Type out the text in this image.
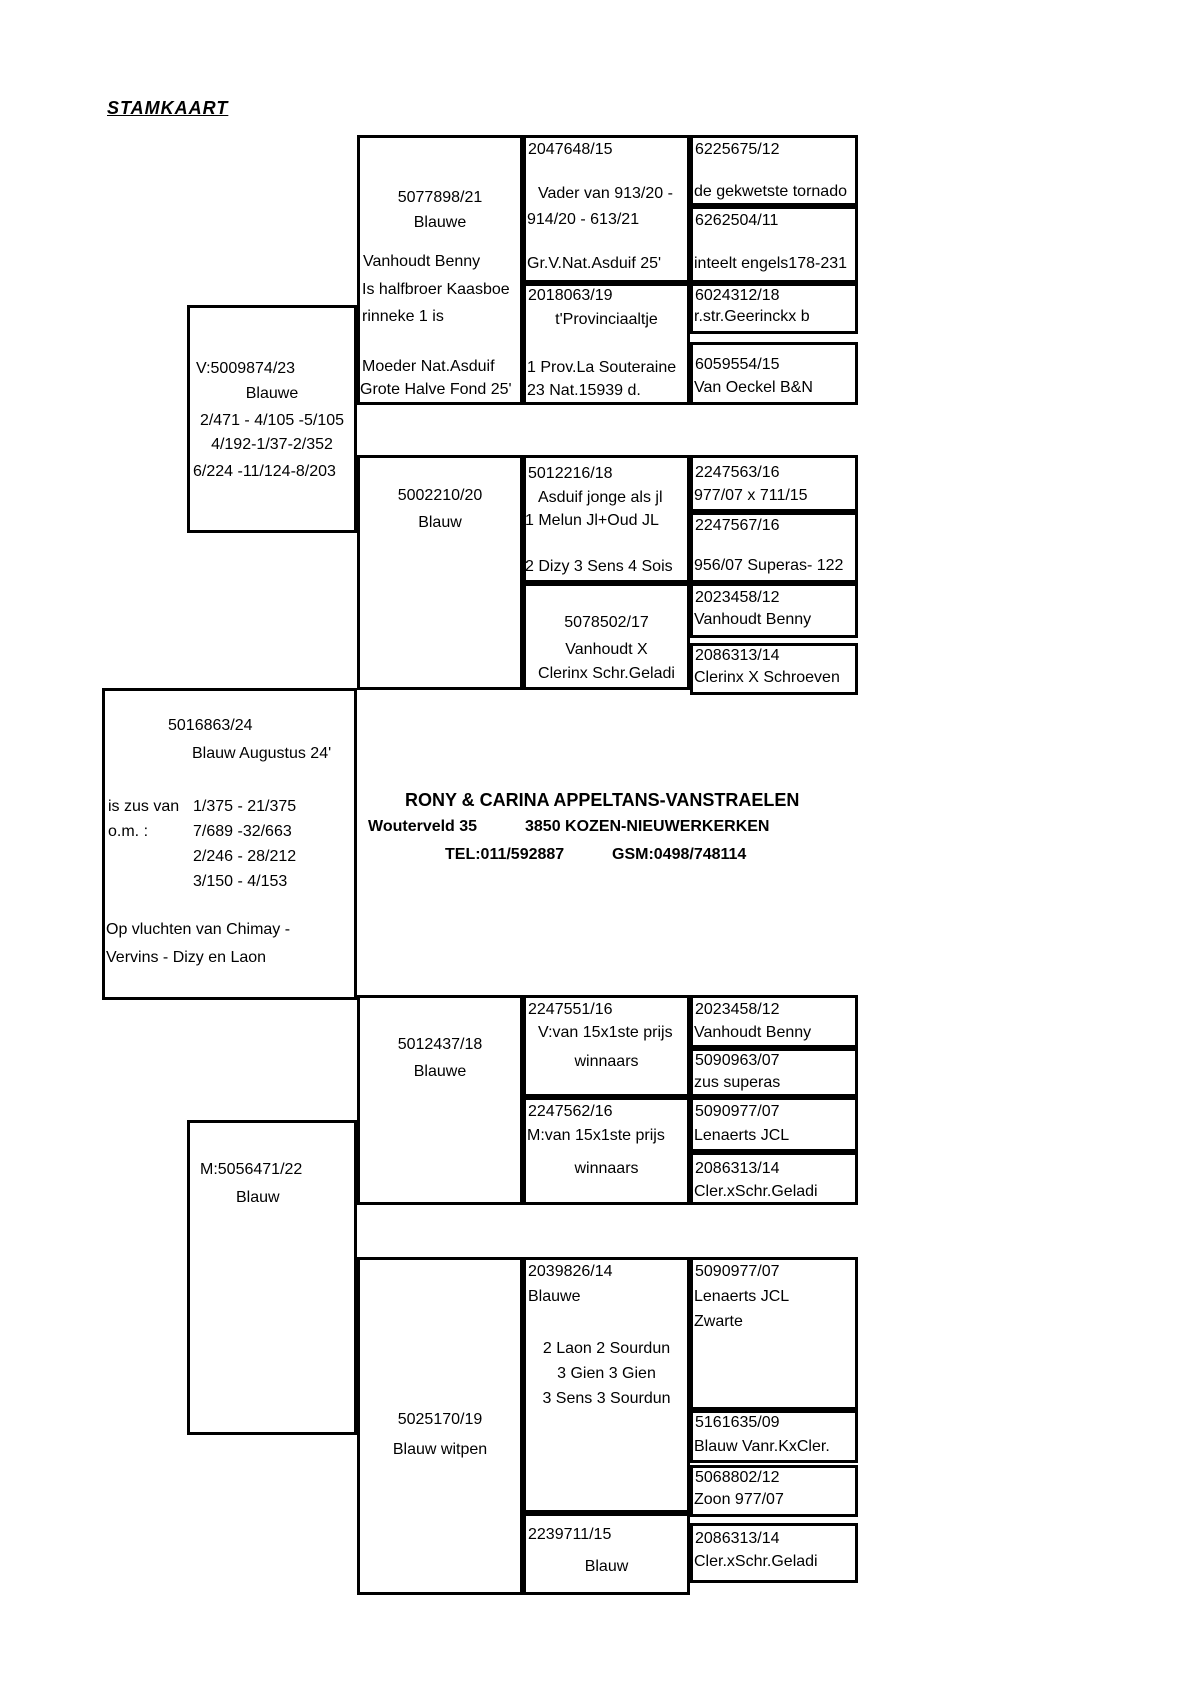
STAMKAART
5077898/21
Blauwe
Vanhoudt Benny
Is halfbroer Kaasboe
rinneke 1 is
Moeder Nat.Asduif
Grote Halve Fond 25'
2047648/15
Vader van 913/20 -
914/20 - 613/21
Gr.V.Nat.Asduif 25'
6225675/12
de gekwetste tornado
6262504/11
inteelt engels178-231
2018063/19
t'Provinciaaltje
1 Prov.La Souteraine
23 Nat.15939 d.
6024312/18
r.str.Geerinckx b
6059554/15
Van Oeckel B&N
V:5009874/23
Blauwe
2/471 - 4/105 -5/105
4/192-1/37-2/352
6/224 -11/124-8/203
5002210/20
Blauw
5012216/18
Asduif jonge als jl
1 Melun Jl+Oud JL
2 Dizy 3 Sens 4 Sois
2247563/16
977/07 x 711/15
2247567/16
956/07 Superas- 122
5078502/17
Vanhoudt X
Clerinx Schr.Geladi
2023458/12
Vanhoudt Benny
2086313/14
Clerinx X Schroeven
5016863/24
Blauw Augustus 24'
is zus van 1/375 - 21/375
o.m. :	7/689 -32/663
2/246 - 28/212
3/150 - 4/153
Op vluchten van Chimay -
Vervins - Dizy en Laon
M:5056471/22
Blauw
5012437/18
Blauwe
2247551/16
V:van 15x1ste prijs
winnaars
2023458/12
Vanhoudt Benny
5090963/07
zus superas
2247562/16
M:van 15x1ste prijs
winnaars
5090977/07
Lenaerts JCL
2086313/14
Cler.xSchr.Geladi
5025170/19
Blauw witpen
2039826/14
Blauwe
2 Laon 2 Sourdun
3 Gien 3 Gien
3 Sens 3 Sourdun
5090977/07
Lenaerts JCL
Zwarte
5161635/09
Blauw Vanr.KxCler.
2239711/15
Blauw
5068802/12
Zoon 977/07
2086313/14
Cler.xSchr.Geladi
RONY & CARINA APPELTANS-VANSTRAELEN
Wouterveld 35	3850 KOZEN-NIEUWERKERKEN
TEL:011/592887	GSM:0498/748114
